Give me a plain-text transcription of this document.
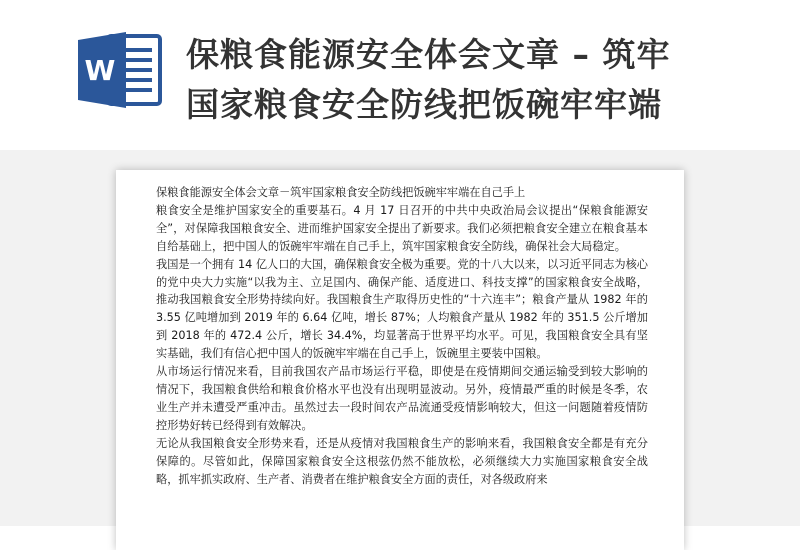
W 保粮食能源安全体会文章 – 筑牢
国家粮食安全防线把饭碗牢牢端

保粮食能源安全体会文章－筑牢国家粮食安全防线把饭碗牢牢端在自己手上

粮食安全是维护国家安全的重要基石。4 月 17 日召开的中共中央政治局会议提出“保粮食能源安全”，对保障我国粮食安全、进而维护国家安全提出了新要求。我们必须把粮食安全建立在粮食基本自给基础上，把中国人的饭碗牢牢端在自己手上，筑牢国家粮食安全防线，确保社会大局稳定。

我国是一个拥有 14 亿人口的大国，确保粮食安全极为重要。党的十八大以来，以习近平同志为核心的党中央大力实施“以我为主、立足国内、确保产能、适度进口、科技支撑”的国家粮食安全战略，推动我国粮食安全形势持续向好。我国粮食生产取得历史性的“十六连丰”；粮食产量从 1982 年的 3.55 亿吨增加到 2019 年的 6.64 亿吨，增长 87%；人均粮食产量从 1982 年的 351.5 公斤增加到 2018 年的 472.4 公斤，增长 34.4%，均显著高于世界平均水平。可见，我国粮食安全具有坚实基础，我们有信心把中国人的饭碗牢牢端在自己手上，饭碗里主要装中国粮。

从市场运行情况来看，目前我国农产品市场运行平稳，即使是在疫情期间交通运输受到较大影响的情况下，我国粮食供给和粮食价格水平也没有出现明显波动。另外，疫情最严重的时候是冬季，农业生产并未遭受严重冲击。虽然过去一段时间农产品流通受疫情影响较大，但这一问题随着疫情防控形势好转已经得到有效解决。

无论从我国粮食安全形势来看，还是从疫情对我国粮食生产的影响来看，我国粮食安全都是有充分保障的。尽管如此，保障国家粮食安全这根弦仍然不能放松，必须继续大力实施国家粮食安全战略，抓牢抓实政府、生产者、消费者在维护粮食安全方面的责任，对各级政府来
